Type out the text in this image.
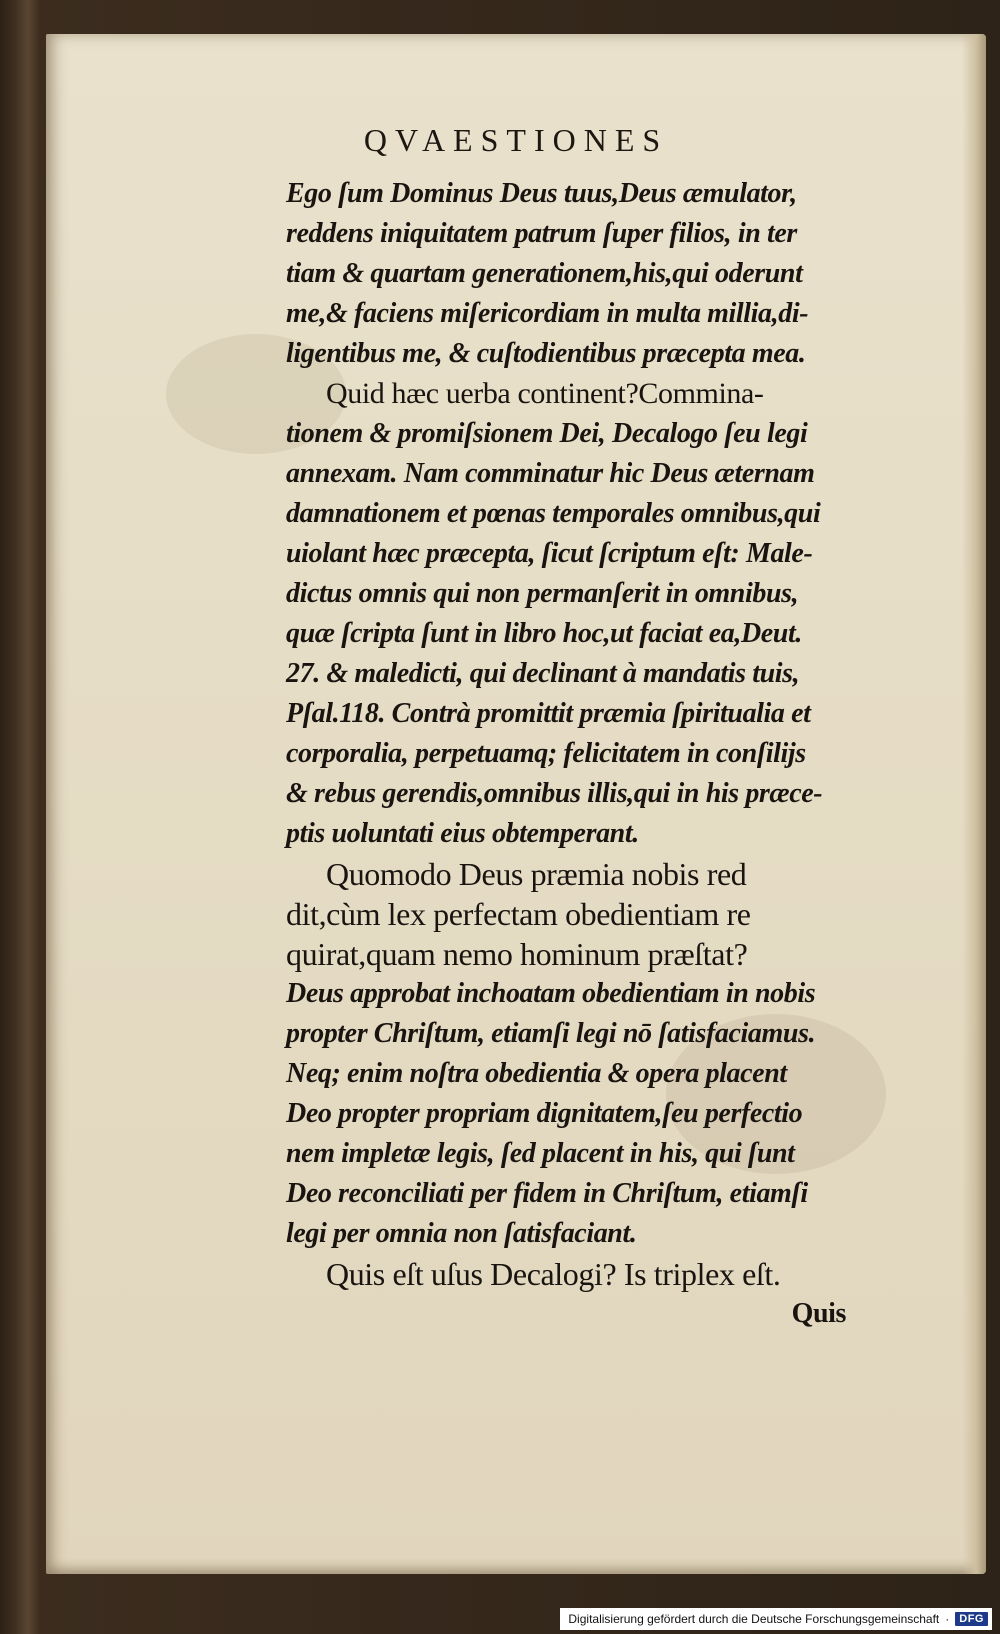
QVAESTIONES
Ego ſum Dominus Deus tuus,Deus æmulator,
reddens iniquitatem patrum ſuper filios, in ter
tiam & quartam generationem,his,qui oderunt
me,& faciens miſericordiam in multa millia,di-
ligentibus me, & cuſtodientibus præcepta mea.
Quid hæc uerba continent?Commina-
tionem & promiſsionem Dei, Decalogo ſeu legi
annexam. Nam comminatur hic Deus æternam
damnationem et pœnas temporales omnibus,qui
uiolant hæc præcepta, ſicut ſcriptum eſt: Male-
dictus omnis qui non permanſerit in omnibus,
quæ ſcripta ſunt in libro hoc,ut faciat ea,Deut.
27. & maledicti, qui declinant à mandatis tuis,
Pſal.118. Contrà promittit præmia ſpiritualia et
corporalia, perpetuamq; felicitatem in conſilijs
& rebus gerendis,omnibus illis,qui in his præce-
ptis uoluntati eius obtemperant.
Quomodo Deus præmia nobis red
dit,cùm lex perfectam obedientiam re
quirat,quam nemo hominum præſtat?
Deus approbat inchoatam obedientiam in nobis
propter Chriſtum, etiamſi legi nō ſatisfaciamus.
Neq; enim noſtra obedientia & opera placent
Deo propter propriam dignitatem,ſeu perfectio
nem impletæ legis, ſed placent in his, qui ſunt
Deo reconciliati per fidem in Chriſtum, etiamſi
legi per omnia non ſatisfaciant.
Quis eſt uſus Decalogi? Is triplex eſt.
Quis
Digitalisierung gefördert durch die Deutsche Forschungsgemeinschaft · DFG
